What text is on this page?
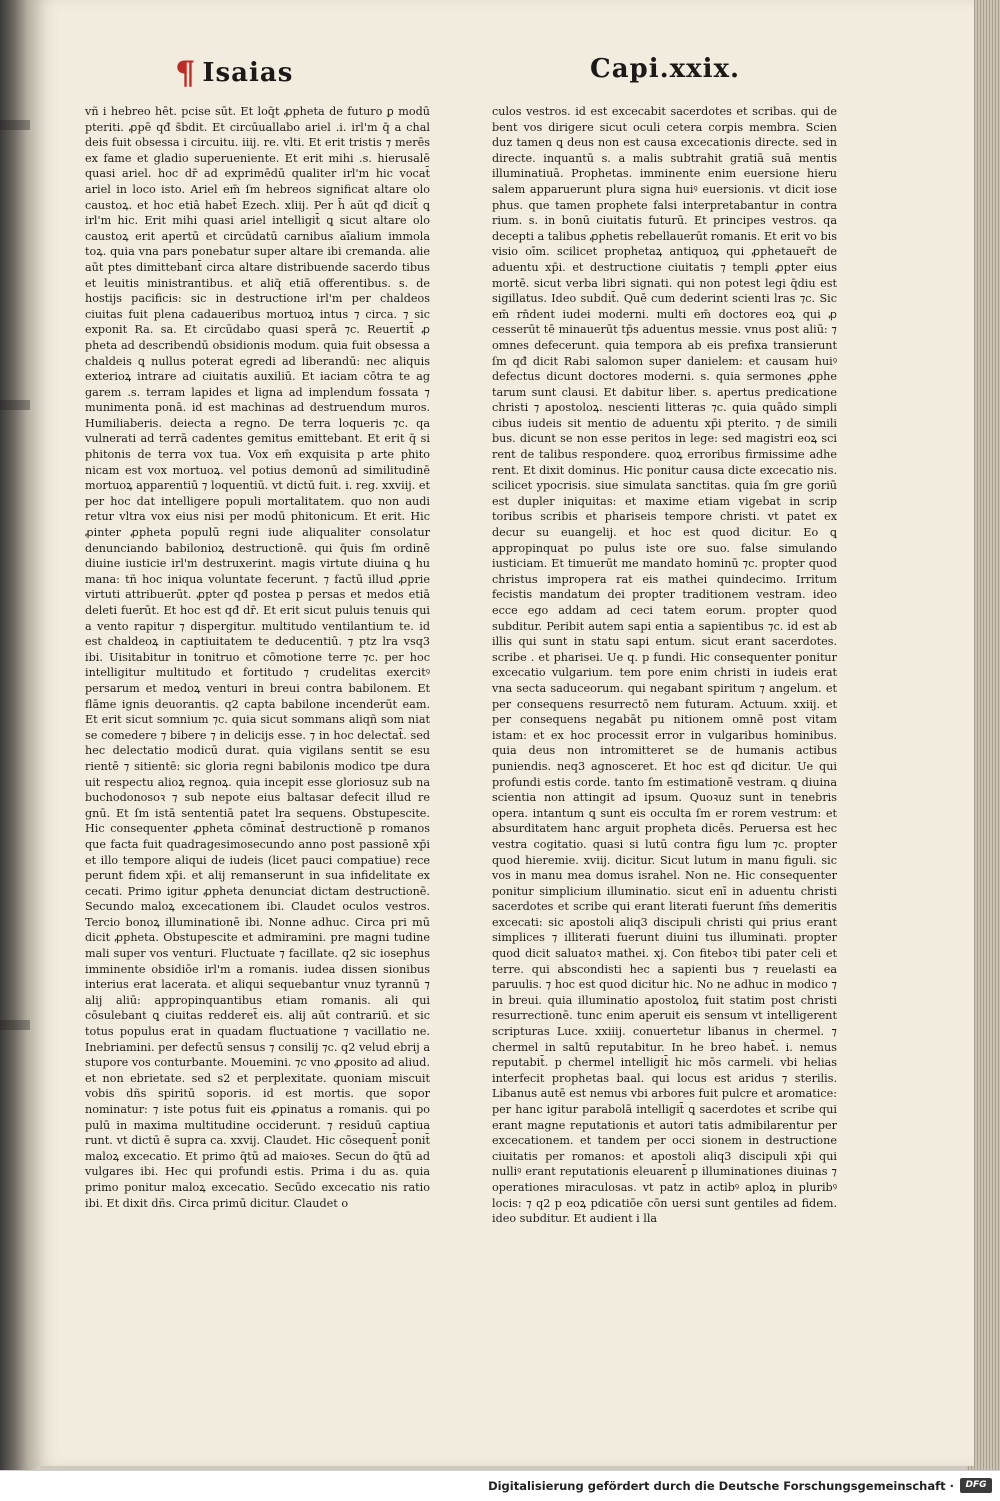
¶ Isaias	Capi.xxix.

vñ i hebreo hēt. pcise sūt. Et loq̄t ꝓpheta de futuro ꝑ modū pteriti. ꝓpē qđ s̄bdit. Et circūuallabo ariel .i. irl'm q̄ a chal deis fuit obsessa i circuitu. iiij. re. vlti. Et erit tristis ⁊ merēs ex fame et gladio superueniente. Et erit mihi .s. hierusalē quasi ariel. hoc dr̄ ad exprimēdū qualiter irl'm hic vocat̄ ariel in loco isto. Ariel em̄ ſm hebreos significat altare olo caustoꝝ. et hoc etiā habet̄ Ezech. xliij. Per h̄ aūt qđ dicit̄ ꝗ irl'm hic. Erit mihi quasi ariel intelligit̄ ꝗ sicut altare olo caustoꝝ erit apertū et circūdatū carnibus aīalium immola toꝝ. quia vna pars ponebatur super altare ibi cremanda. alie aūt ptes dimittebant̄ circa altare distribuende sacerdo tibus et leuitis ministrantibus. et aliq̄ etiā offerentibus. s. de hostijs pacificis: sic in destructione irl'm per chaldeos ciuitas fuit plena cadaueribus mortuoꝝ intus ⁊ circa. ⁊ sic exponit Ra. sa. Et circūdabo quasi sperā ⁊c. Reuertit̄ ꝓ pheta ad describendū obsidionis modum. quia fuit obsessa a chaldeis ꝗ nullus poterat egredi ad liberandū: nec aliquis exterioꝝ intrare ad ciuitatis auxiliū. Et iaciam cōtra te ag garem .s. terram lapides et ligna ad implendum fossata ⁊ munimenta ponā. id est machinas ad destruendum muros. Humiliaberis. deiecta a regno. De terra loqueris ⁊c. qa vulnerati ad terrā cadentes gemitus emittebant. Et erit q̄ si phitonis de terra vox tua. Vox em̄ exquisita p arte phito nicam est vox mortuoꝝ. vel potius demonū ad similitudinē mortuoꝝ apparentiū ⁊ loquentiū. vt dictū fuit. i. reg. xxviij. et per hoc dat intelligere populi mortalitatem. quo non audi retur vltra vox eius nisi per modū phitonicum. Et erit. Hic ꝓinter ꝓpheta populū regni iude aliqualiter consolatur denunciando babilonioꝝ destructionē. qui q̄uis ſm ordinē diuine iusticie irl'm destruxerint. magis virtute diuina ꝗ hu mana: tñ hoc iniqua voluntate fecerunt. ⁊ factū illud ꝓprie virtuti attribuerūt. ꝓpter qđ postea p persas et medos etiā deleti fuerūt. Et hoc est qđ dr̄. Et erit sicut puluis tenuis qui a vento rapitur ⁊ dispergitur. multitudo ventilantium te. id est chaldeoꝝ in captiuitatem te deducentiū. ⁊ ptz lra vsq3 ibi. Uisitabitur in tonitruo et cōmotione terre ⁊c. per hoc intelligitur multitudo et fortitudo ⁊ crudelitas exercitꝰ persarum et medoꝝ venturi in breui contra babilonem. Et flāme ignis deuorantis. q2 capta babilone incenderūt eam. Et erit sicut somnium ⁊c. quia sicut sommans aliqñ som niat se comedere ⁊ bibere ⁊ in delicijs esse. ⁊ in hoc delectat̄. sed hec delectatio modicū durat. quia vigilans sentit se esu rientē ⁊ sitientē: sic gloria regni babilonis modico tpe dura uit respectu alioꝝ regnoꝝ. quia incepit esse gloriosuz sub na buchodonosoꝛ ⁊ sub nepote eius baltasar defecit illud re gnū. Et ſm istā sententiā patet lra sequens. Obstupescite. Hic consequenter ꝓpheta cōminat̄ destructionē p romanos que facta fuit quadragesimosecundo anno post passionē xp̄i et illo tempore aliqui de iudeis (licet pauci compatiue) rece perunt fidem xp̄i. et alij remanserunt in sua infidelitate ex cecati. Primo igitur ꝓpheta denunciat dictam destructionē. Secundo maloꝝ excecationem ibi. Claudet oculos vestros. Tercio bonoꝝ illuminationē ibi. Nonne adhuc. Circa pri mū dicit ꝓpheta. Obstupescite et admiramini. pre magni tudine mali super vos venturi. Fluctuate ⁊ facillate. q2 sic iosephus imminente obsidiōe irl'm a romanis. iudea dissen sionibus interius erat lacerata. et aliqui sequebantur vnuz tyrannū ⁊ alij aliū: appropinquantibus etiam romanis. ali qui cōsulebant ꝗ ciuitas redderet̄ eis. alij aūt contrariū. et sic totus populus erat in quadam fluctuatione ⁊ vacillatio ne. Inebriamini. per defectū sensus ⁊ consilij ⁊c. q2 velud ebrij a stupore vos conturbante. Mouemini. ⁊c vno ꝓposito ad aliud. et non ebrietate. sed s2 et perplexitate. quoniam miscuit vobis dñs spiritū soporis. id est mortis. que sopor nominatur: ⁊ iste potus fuit eis ꝓpinatus a romanis. qui po pulū in maxima multitudine occiderunt. ⁊ residuū captiua runt. vt dictū ē supra ca. xxvij. Claudet. Hic cōsequent̄ ponit̄ maloꝝ excecatio. Et primo q̄tū ad maioꝛes. Secun do q̄tū ad vulgares ibi. Hec qui profundi estis. Prima i du as. quia primo ponitur maloꝝ excecatio. Secūdo excecatio nis ratio ibi. Et dixit dñs. Circa primū dicitur. Claudet o

culos vestros. id est excecabit sacerdotes et scribas. qui de bent vos dirigere sicut oculi cetera corꝑis membra. Scien duz tamen ꝗ deus non est causa excecationis directe. sed in directe. inquantū s. a malis subtrahit gratiā suā mentis illuminatiuā. Prophetas. imminente enim euersione hieru salem apparuerunt plura signa huiꝰ euersionis. vt dicit iose phus. que tamen prophete falsi interpretabantur in contra rium. s. in bonū ciuitatis futurū. Et principes vestros. qa decepti a talibus ꝓphetis rebellauerūt romanis. Et erit vo bis visio oīm. scilicet prophetaꝝ antiquoꝝ qui ꝓphetauer̄t de aduentu xp̄i. et destructione ciuitatis ⁊ templi ꝓpter eius mortē. sicut verba libri signati. qui non potest legi q̄diu est sigillatus. Ideo subdit̄. Quē cum dederint scienti lras ⁊c. Sic em̄ rn̄dent iudei moderni. multi em̄ doctores eoꝝ qui ꝓ cesserūt tē minauerūt tp̄s aduentus messie. vnus post aliū: ⁊ omnes defecerunt. quia tempora ab eis prefixa transierunt ſm qđ dicit Rabi salomon super danielem: et causam huiꝰ defectus dicunt doctores moderni. s. quia sermones ꝓphe tarum sunt clausi. Et dabitur liber. s. apertus predicatione christi ⁊ apostoloꝝ. nescienti litteras ⁊c. quia quādo simpli cibus iudeis sit mentio de aduentu xp̄i pterito. ⁊ de simili bus. dicunt se non esse peritos in lege: sed magistri eoꝝ sci rent de talibus respondere. quoꝝ erroribus firmissime adhe rent. Et dixit dominus. Hic ponitur causa dicte excecatio nis. scilicet ypocrisis. siue simulata sanctitas. quia ſm gre goriū est dupler iniquitas: et maxime etiam vigebat in scrip toribus scribis et phariseis tempore christi. vt patet ex decur su euangelij. et hoc est quod dicitur. Eo ꝗ appropinquat po pulus iste ore suo. false simulando iusticiam. Et timuerūt me mandato hominū ⁊c. propter quod christus impropera rat eis mathei quindecimo. Irritum fecistis mandatum dei propter traditionem vestram. ideo ecce ego addam ad ceci tatem eorum. propter quod subditur. Peribit autem sapi entia a sapientibus ⁊c. id est ab illis qui sunt in statu sapi entum. sicut erant sacerdotes. scribe . et pharisei. Ue q. p fundi. Hic consequenter ponitur excecatio vulgarium. tem pore enim christi in iudeis erat vna secta saduceorum. qui negabant spiritum ⁊ angelum. et per consequens resurrectō nem futuram. Actuum. xxiij. et per consequens negabāt pu nitionem omnē post vitam istam: et ex hoc processit error in vulgaribus hominibus. quia deus non intromitteret se de humanis actibus puniendis. neq3 agnosceret. Et hoc est qđ dicitur. Ue qui profundi estis corde. tanto ſm estimationē vestram. ꝗ diuina scientia non attingit ad ipsum. Quoꝛuz sunt in tenebris opera. intantum ꝗ sunt eis occulta ſm er rorem vestrum: et absurditatem hanc arguit propheta dicēs. Peruersa est hec vestra cogitatio. quasi si lutū contra figu lum ⁊c. propter quod hieremie. xviij. dicitur. Sicut lutum in manu figuli. sic vos in manu mea domus israhel. Non ne. Hic consequenter ponitur simplicium illuminatio. sicut enī in aduentu christi sacerdotes et scribe qui erant literati fuerunt ſm̄s demeritis excecati: sic apostoli aliq3 discipuli christi qui prius erant simplices ⁊ illiterati fuerunt diuini tus illuminati. propter quod dicit saluatoꝛ mathei. xj. Con fiteboꝛ tibi pater celi et terre. qui abscondisti hec a sapienti bus ⁊ reuelasti ea paruulis. ⁊ hoc est quod dicitur hic. No ne adhuc in modico ⁊ in breui. quia illuminatio apostoloꝝ fuit statim post christi resurrectionē. tunc enim aperuit eis sensum vt intelligerent scripturas Luce. xxiiij. conuertetur libanus in chermel. ⁊ chermel in saltū reputabitur. In he breo habet̄. i. nemus reputabit̄. p chermel intelligit̄ hic mōs carmeli. vbi helias interfecit prophetas baal. qui locus est aridus ⁊ sterilis. Libanus autē est nemus vbi arbores fuit pulcre et aromatice: per hanc igitur parabolā intelligit̄ ꝗ sacerdotes et scribe qui erant magne reputationis et autori tatis admibilarentur per excecationem. et tandem per occi sionem in destructione ciuitatis per romanos: et apostoli aliq3 discipuli xp̄i qui nulliꝰ erant reputationis eleuarent̄ p illuminationes diuinas ⁊ operationes miraculosas. vt patz in actibꝰ aploꝝ in pluribꝰ locis: ⁊ q2 p eoꝝ pdicatiōe cōn uersi sunt gentiles ad fidem. ideo subditur. Et audient i lla

Digitalisierung gefördert durch die Deutsche Forschungsgemeinschaft ·	DFG
